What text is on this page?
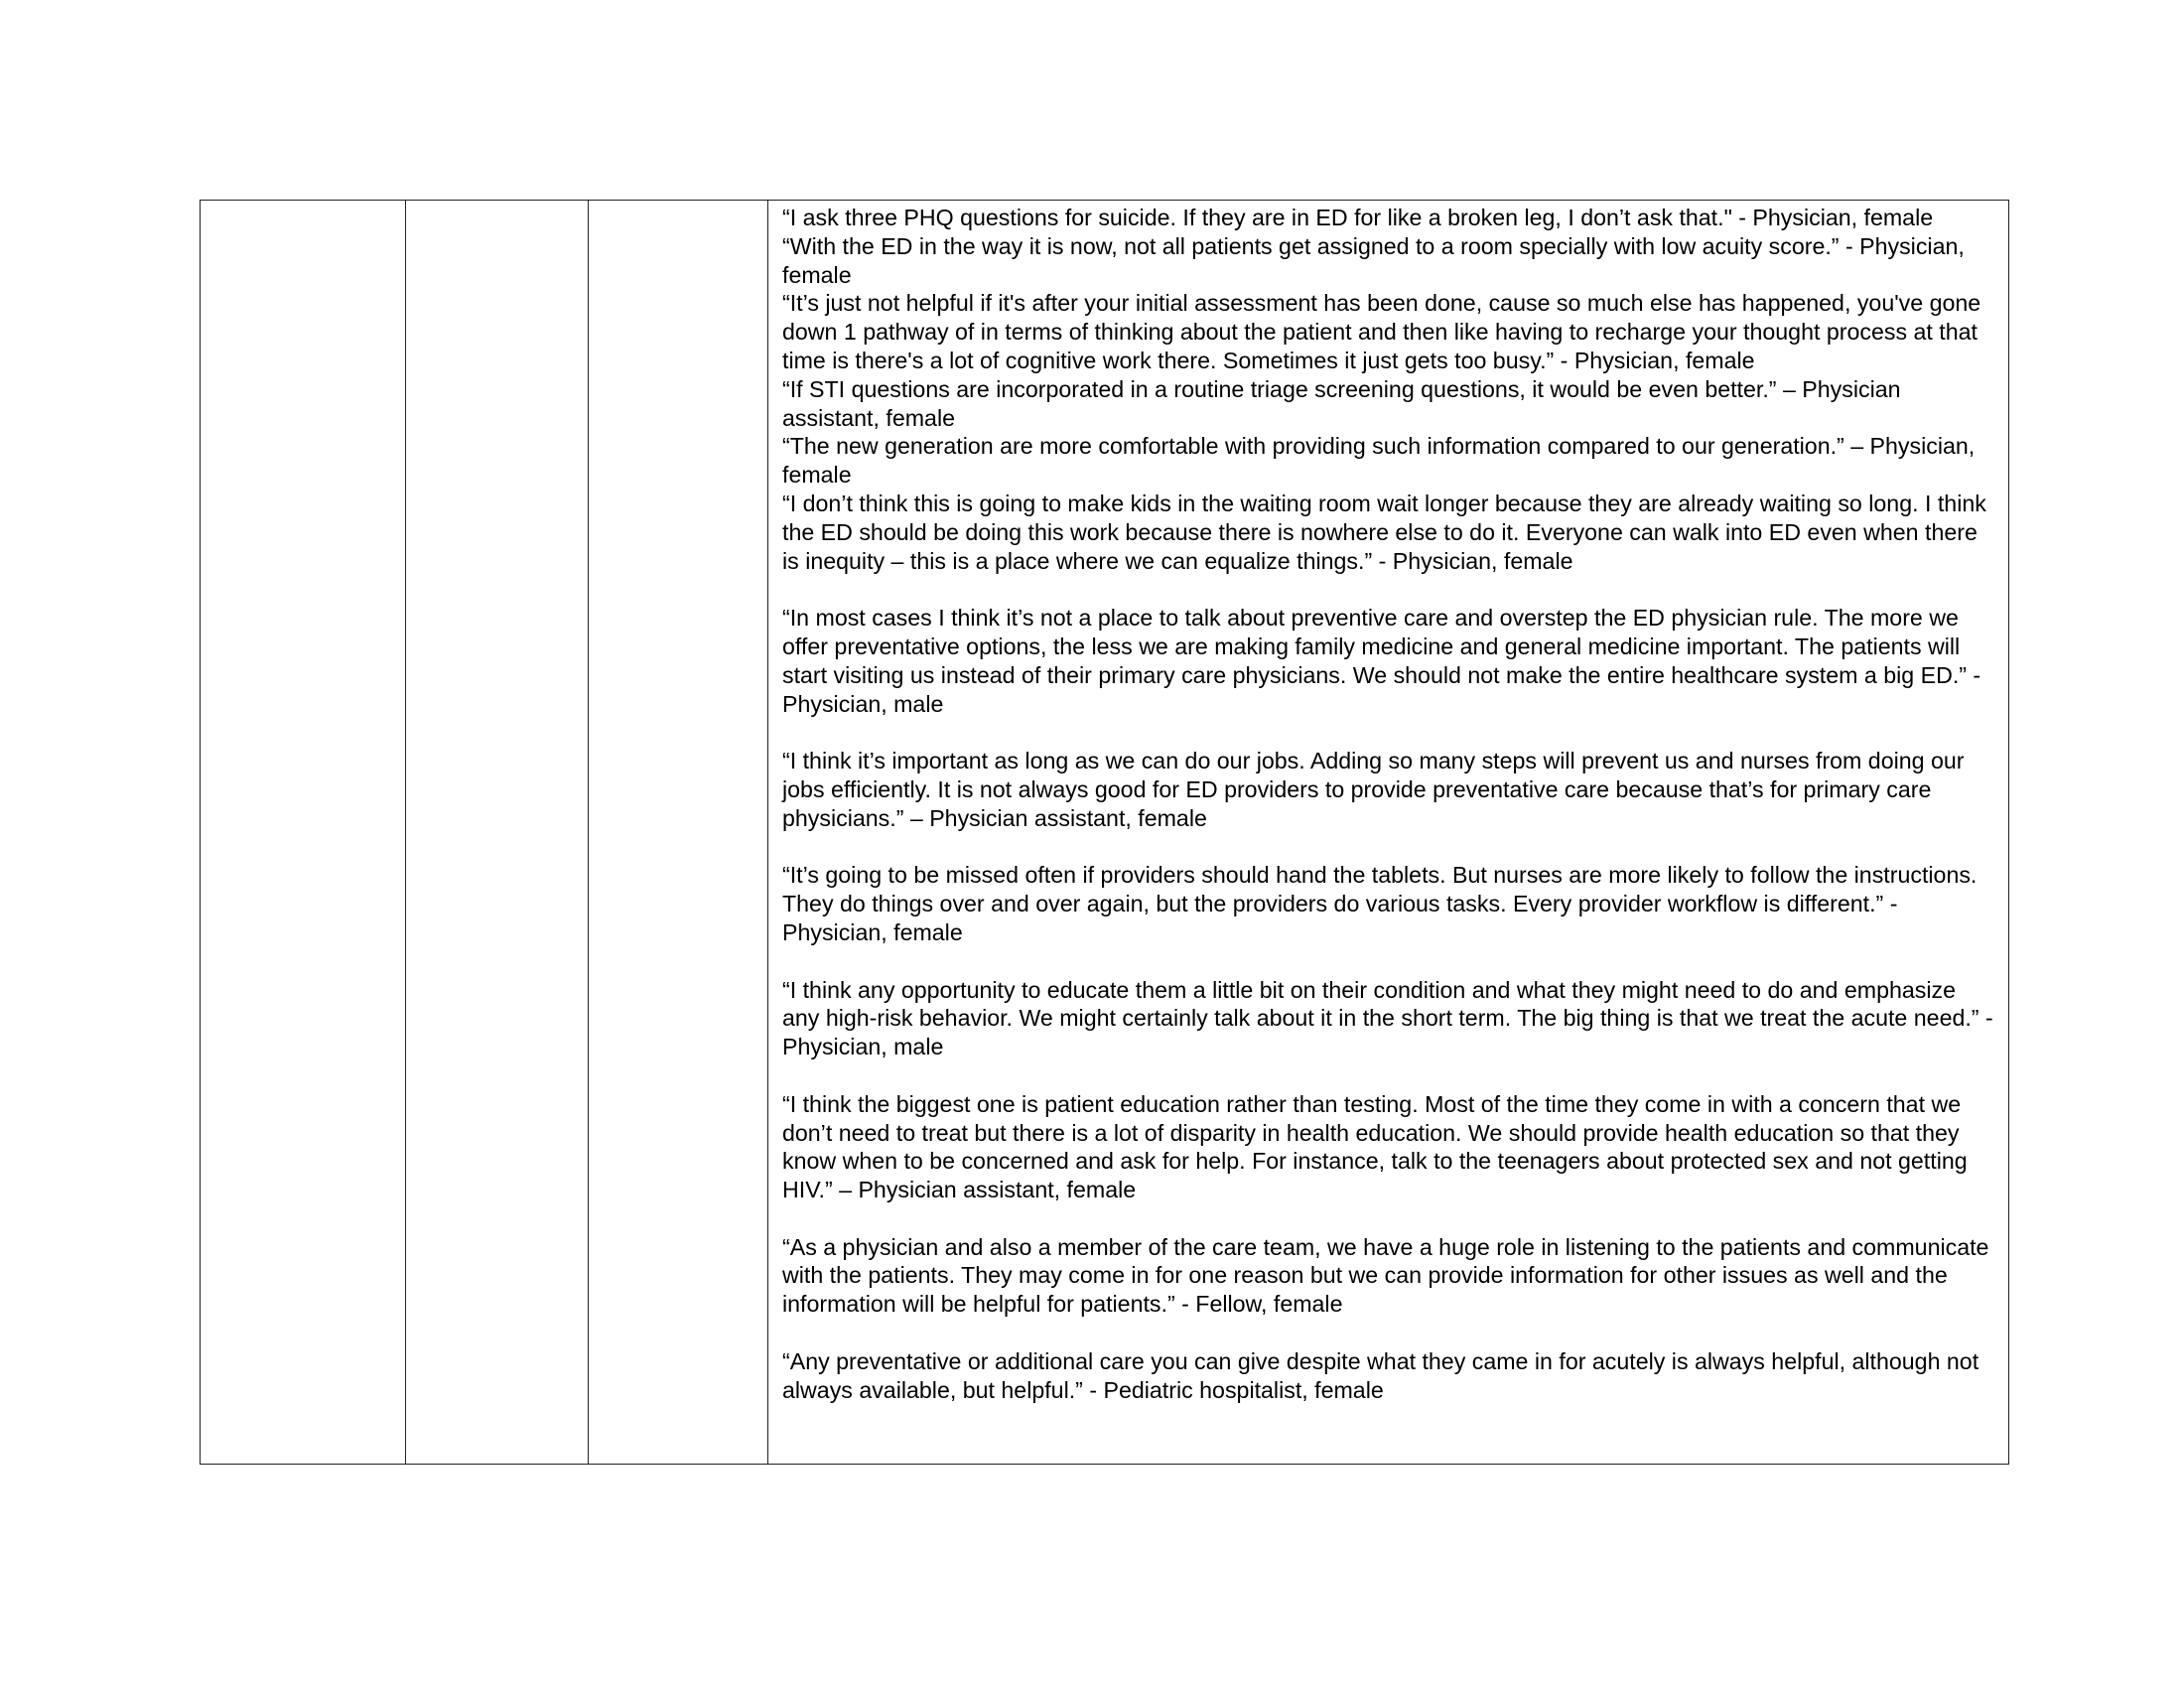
“I ask three PHQ questions for suicide. If they are in ED for like a broken leg, I don’t ask that." - Physician, female

“With the ED in the way it is now, not all patients get assigned to a room specially with low acuity score.” - Physician, female

“It’s just not helpful if it's after your initial assessment has been done, cause so much else has happened, you've gone down 1 pathway of in terms of thinking about the patient and then like having to recharge your thought process at that time is there's a lot of cognitive work there. Sometimes it just gets too busy.” - Physician, female

“If STI questions are incorporated in a routine triage screening questions, it would be even better.” – Physician assistant, female

“The new generation are more comfortable with providing such information compared to our generation.” – Physician, female

“I don’t think this is going to make kids in the waiting room wait longer because they are already waiting so long. I think the ED should be doing this work because there is nowhere else to do it. Everyone can walk into ED even when there is inequity – this is a place where we can equalize things.” - Physician, female

“In most cases I think it’s not a place to talk about preventive care and overstep the ED physician rule. The more we offer preventative options, the less we are making family medicine and general medicine important. The patients will start visiting us instead of their primary care physicians. We should not make the entire healthcare system a big ED.” - Physician, male

“I think it’s important as long as we can do our jobs. Adding so many steps will prevent us and nurses from doing our jobs efficiently. It is not always good for ED providers to provide preventative care because that’s for primary care physicians.” – Physician assistant, female

“It’s going to be missed often if providers should hand the tablets. But nurses are more likely to follow the instructions. They do things over and over again, but the providers do various tasks. Every provider workflow is different.” - Physician, female

“I think any opportunity to educate them a little bit on their condition and what they might need to do and emphasize any high-risk behavior. We might certainly talk about it in the short term. The big thing is that we treat the acute need.” - Physician, male

“I think the biggest one is patient education rather than testing. Most of the time they come in with a concern that we don’t need to treat but there is a lot of disparity in health education. We should provide health education so that they know when to be concerned and ask for help. For instance, talk to the teenagers about protected sex and not getting HIV.” – Physician assistant, female

“As a physician and also a member of the care team, we have a huge role in listening to the patients and communicate with the patients. They may come in for one reason but we can provide information for other issues as well and the information will be helpful for patients.” - Fellow, female

“Any preventative or additional care you can give despite what they came in for acutely is always helpful, although not always available, but helpful.” - Pediatric hospitalist, female
